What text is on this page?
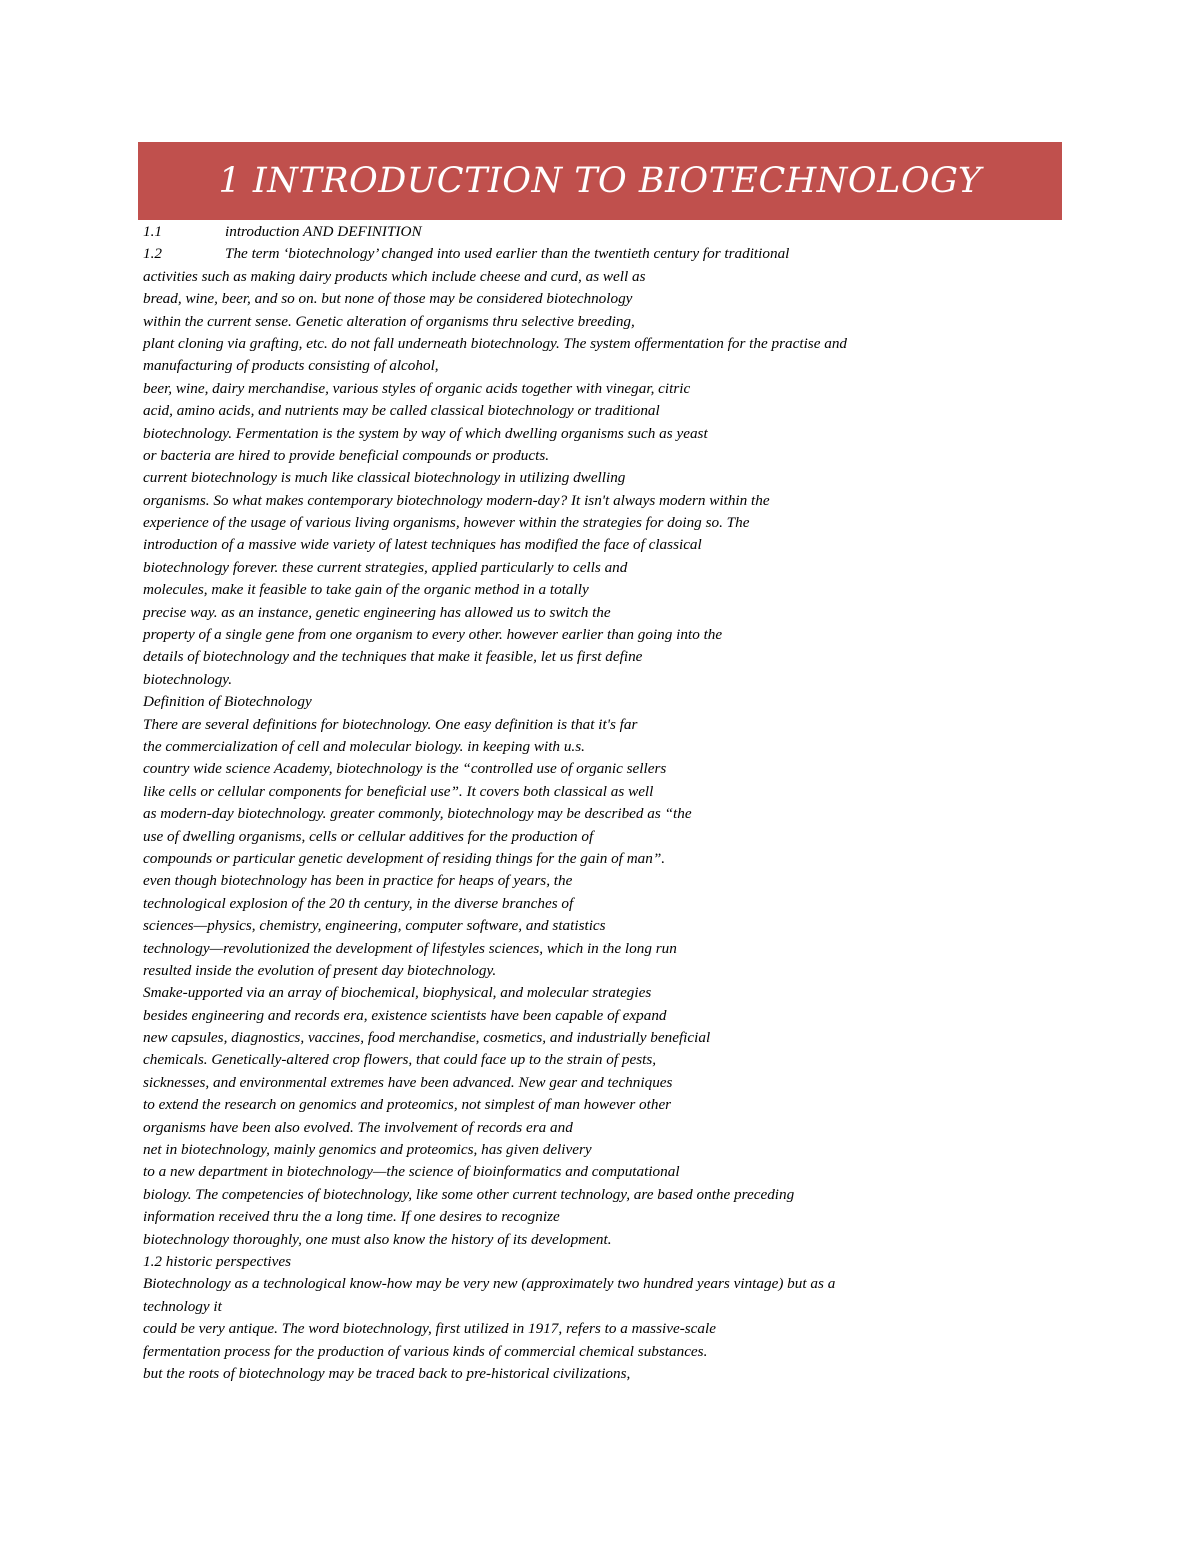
1 INTRODUCTION TO BIOTECHNOLOGY
1.1	introduction AND DEFINITION
1.2	The term ‘biotechnology’ changed into used earlier than the twentieth century for traditional
activities such as making dairy products which include cheese and curd, as well as
bread, wine, beer, and so on. but none of those may be considered biotechnology
within the current sense. Genetic alteration of organisms thru selective breeding,
plant cloning via grafting, etc. do not fall underneath biotechnology. The system offermentation for the practise and
manufacturing of products consisting of alcohol,
beer, wine, dairy merchandise, various styles of organic acids together with vinegar, citric
acid, amino acids, and nutrients may be called classical biotechnology or traditional
biotechnology. Fermentation is the system by way of which dwelling organisms such as yeast
or bacteria are hired to provide beneficial compounds or products.
current biotechnology is much like classical biotechnology in utilizing dwelling
organisms. So what makes contemporary biotechnology modern-day? It isn't always modern within the
experience of the usage of various living organisms, however within the strategies for doing so. The
introduction of a massive wide variety of latest techniques has modified the face of classical
biotechnology forever. these current strategies, applied particularly to cells and
molecules, make it feasible to take gain of the organic method in a totally
precise way. as an instance, genetic engineering has allowed us to switch the
property of a single gene from one organism to every other. however earlier than going into the
details of biotechnology and the techniques that make it feasible, let us first define
biotechnology.
Definition of Biotechnology
There are several definitions for biotechnology. One easy definition is that it's far
the commercialization of cell and molecular biology. in keeping with u.s.
country wide science Academy, biotechnology is the “controlled use of organic sellers
like cells or cellular components for beneficial use”. It covers both classical as well
as modern-day biotechnology. greater commonly, biotechnology may be described as “the
use of dwelling organisms, cells or cellular additives for the production of
compounds or particular genetic development of residing things for the gain of man”.
even though biotechnology has been in practice for heaps of years, the
technological explosion of the 20 th century, in the diverse branches of
sciences—physics, chemistry, engineering, computer software, and statistics
technology—revolutionized the development of lifestyles sciences, which in the long run
resulted inside the evolution of present day biotechnology.
Smake-upported via an array of biochemical, biophysical, and molecular strategies
besides engineering and records era, existence scientists have been capable of expand
new capsules, diagnostics, vaccines, food merchandise, cosmetics, and industrially beneficial
chemicals. Genetically-altered crop flowers, that could face up to the strain of pests,
sicknesses, and environmental extremes have been advanced. New gear and techniques
to extend the research on genomics and proteomics, not simplest of man however other
organisms have been also evolved. The involvement of records era and
net in biotechnology, mainly genomics and proteomics, has given delivery
to a new department in biotechnology—the science of bioinformatics and computational
biology. The competencies of biotechnology, like some other current technology, are based onthe preceding
information received thru the a long time. If one desires to recognize
biotechnology thoroughly, one must also know the history of its development.
1.2 historic perspectives
Biotechnology as a technological know-how may be very new (approximately two hundred years vintage) but as a
technology it
could be very antique. The word biotechnology, first utilized in 1917, refers to a massive-scale
fermentation process for the production of various kinds of commercial chemical substances.
but the roots of biotechnology may be traced back to pre-historical civilizations,
